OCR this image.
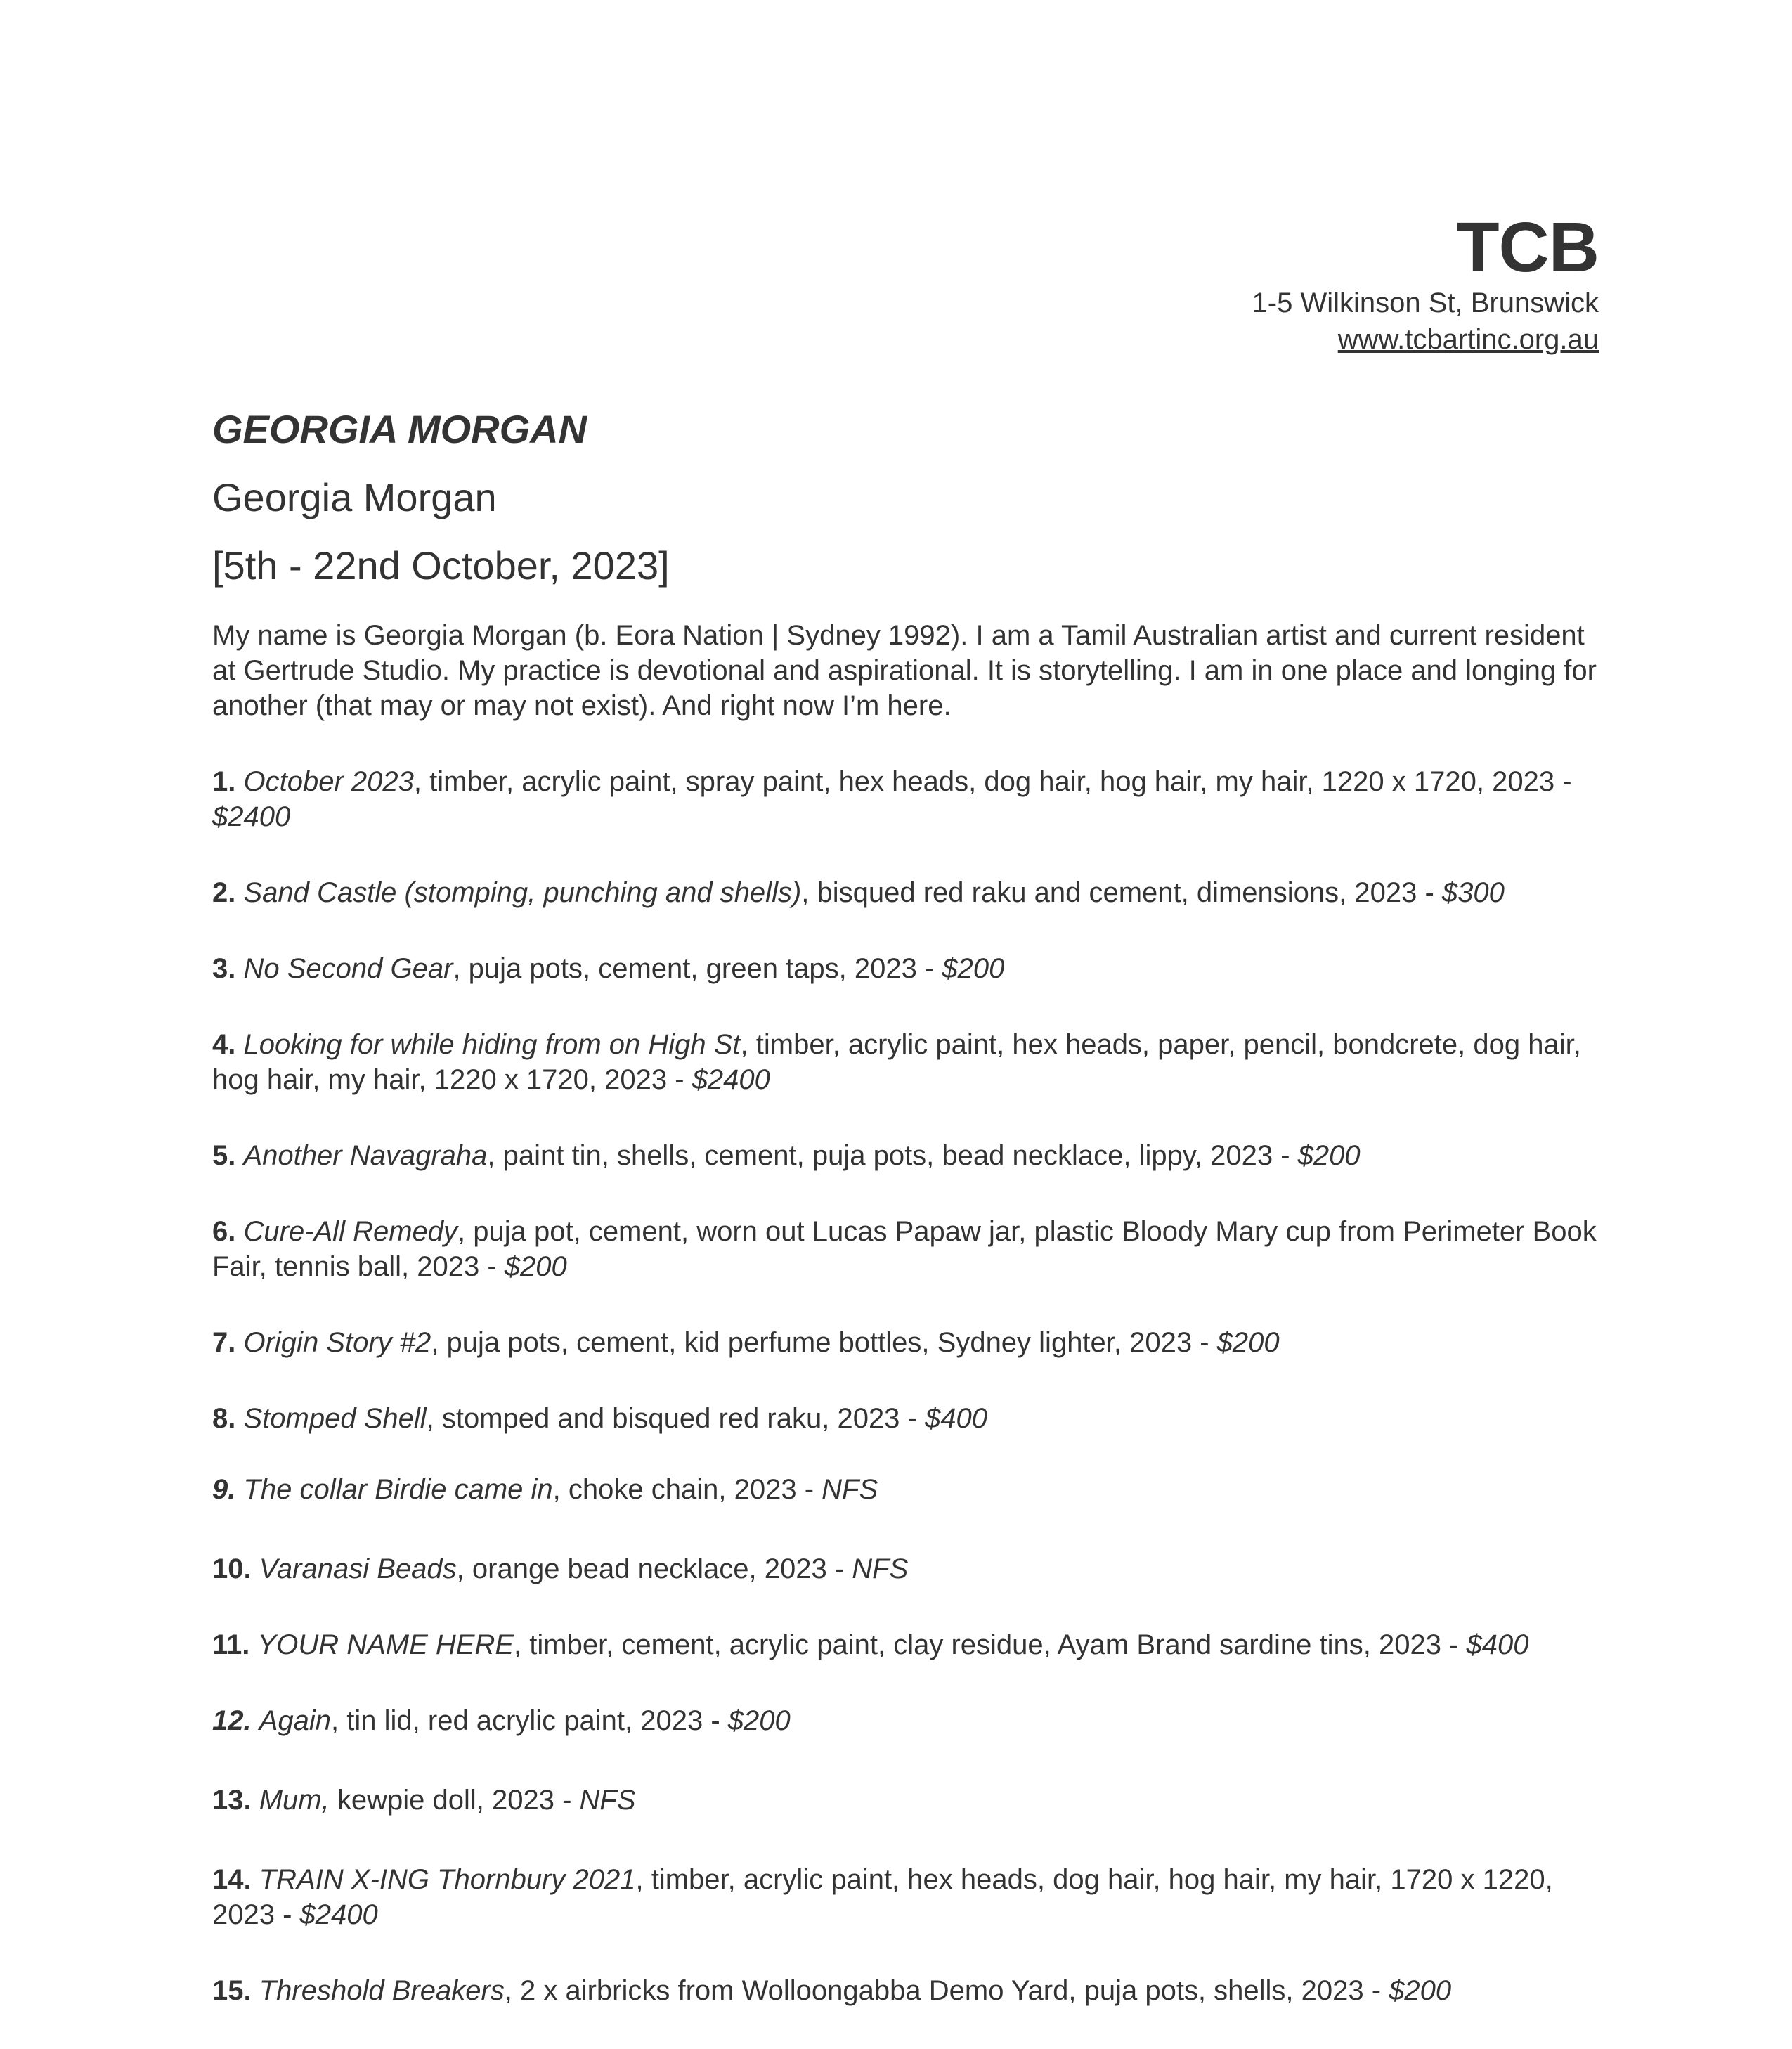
TCB
1-5 Wilkinson St, Brunswick
www.tcbartinc.org.au
GEORGIA MORGAN
Georgia Morgan
[5th - 22nd October, 2023]
My name is Georgia Morgan (b. Eora Nation | Sydney 1992). I am a Tamil Australian artist and current resident at Gertrude Studio. My practice is devotional and aspirational. It is storytelling. I am in one place and longing for another (that may or may not exist). And right now I’m here.
1. October 2023, timber, acrylic paint, spray paint, hex heads, dog hair, hog hair, my hair, 1220 x 1720, 2023 - $2400
2. Sand Castle (stomping, punching and shells), bisqued red raku and cement, dimensions, 2023 - $300
3. No Second Gear, puja pots, cement, green taps, 2023 - $200
4. Looking for while hiding from on High St, timber, acrylic paint, hex heads, paper, pencil, bondcrete, dog hair, hog hair, my hair, 1220 x 1720, 2023 - $2400
5. Another Navagraha, paint tin, shells, cement, puja pots, bead necklace, lippy, 2023 - $200
6. Cure-All Remedy, puja pot, cement, worn out Lucas Papaw jar, plastic Bloody Mary cup from Perimeter Book Fair, tennis ball, 2023 - $200
7. Origin Story #2, puja pots, cement, kid perfume bottles, Sydney lighter, 2023 - $200
8. Stomped Shell, stomped and bisqued red raku, 2023 - $400
9. The collar Birdie came in, choke chain, 2023 - NFS
10. Varanasi Beads, orange bead necklace, 2023 - NFS
11. YOUR NAME HERE, timber, cement, acrylic paint, clay residue, Ayam Brand sardine tins, 2023 - $400
12. Again, tin lid, red acrylic paint, 2023 - $200
13. Mum, kewpie doll, 2023 - NFS
14. TRAIN X-ING Thornbury 2021, timber, acrylic paint, hex heads, dog hair, hog hair, my hair, 1720 x 1220, 2023 - $2400
15. Threshold Breakers, 2 x airbricks from Wolloongabba Demo Yard, puja pots, shells, 2023 - $200
